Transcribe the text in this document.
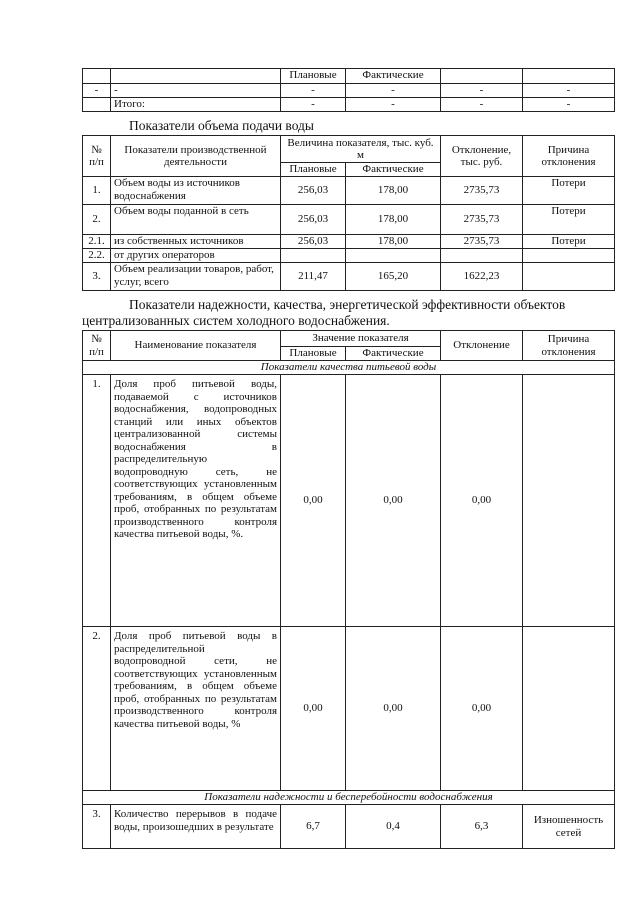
		Плановые	Фактические		
-	-	-	-	-	-
	Итого:	-	-	-	-
Показатели объема подачи воды
№ п/п	Показатели производственной деятельности	Величина показателя, тыс. куб. м		Отклонение, тыс. руб.	Причина отклонения
		Плановые	Фактические		
1.	Объем воды из источников водоснабжения	256,03	178,00	2735,73	Потери
2.	Объем воды поданной в сеть	256,03	178,00	2735,73	Потери
2.1.	из собственных источников	256,03	178,00	2735,73	Потери
2.2.	от других операторов				
3.	Объем реализации товаров, работ, услуг, всего	211,47	165,20	1622,23	
Показатели надежности, качества, энергетической эффективности объектов
централизованных систем холодного водоснабжения.
№ п/п	Наименование показателя	Значение показателя		Отклонение	Причина отклонения
		Плановые	Фактические		
Показатели качества питьевой воды					
1.	Доля проб питьевой воды, подаваемой с источников водоснабжения, водопроводных станций или иных объектов централизованной системы водоснабжения в распределительную водопроводную сеть, не соответствующих установленным требованиям, в общем объеме проб, отобранных по результатам производственного контроля качества питьевой воды, %.	0,00	0,00	0,00	
2.	Доля проб питьевой воды в распределительной водопроводной сети, не соответствующих установленным требованиям, в общем объеме проб, отобранных по результатам производственного контроля качества питьевой воды, %	0,00	0,00	0,00	
Показатели надежности и бесперебойности водоснабжения					
3.	Количество перерывов в подаче воды, произошедших в результате	6,7	0,4	6,3	Изношенность сетей
